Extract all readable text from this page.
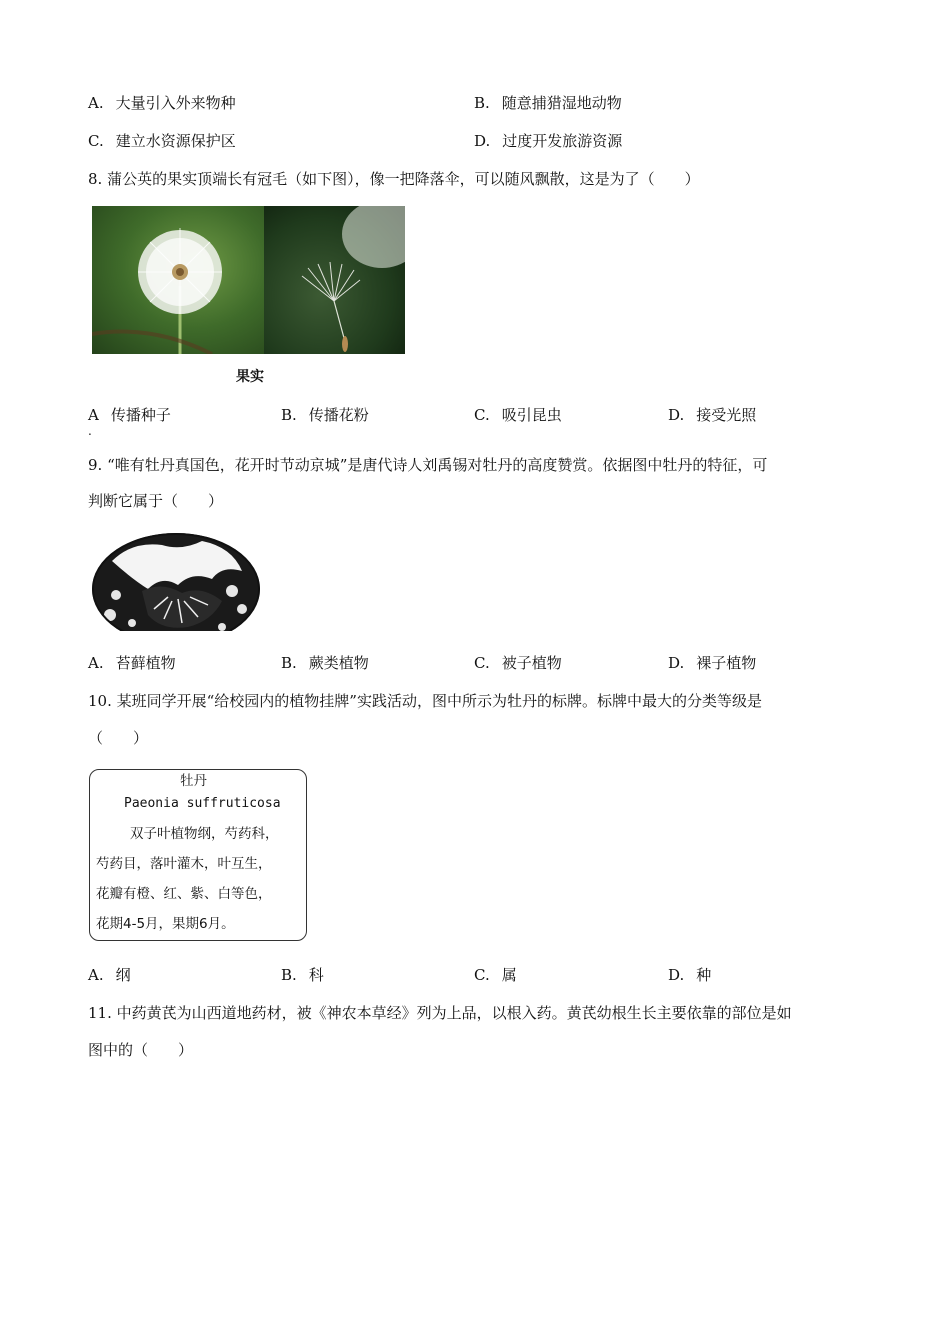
A. 大量引入外来物种	B. 随意捕猎湿地动物
C. 建立水资源保护区	D. 过度开发旅游资源
8. 蒲公英的果实顶端长有冠毛（如下图），像一把降落伞，可以随风飘散，这是为了（　　）
果实
A 传播种子
.
B. 传播花粉	C. 吸引昆虫	D. 接受光照
9. “唯有牡丹真国色，花开时节动京城”是唐代诗人刘禹锡对牡丹的高度赞赏。依据图中牡丹的特征，可
判断它属于（　　）
A. 苔藓植物	B. 蕨类植物	C. 被子植物	D. 裸子植物
10. 某班同学开展“给校园内的植物挂牌”实践活动，图中所示为牡丹的标牌。标牌中最大的分类等级是
（　　）
牡丹
Paeonia suffruticosa
双子叶植物纲，芍药科，
芍药目，落叶灌木，叶互生，
花瓣有橙、红、紫、白等色，
花期4-5月，果期6月。
A. 纲	B. 科	C. 属	D. 种
11. 中药黄芪为山西道地药材，被《神农本草经》列为上品，以根入药。黄芪幼根生长主要依靠的部位是如
图中的（　　）
